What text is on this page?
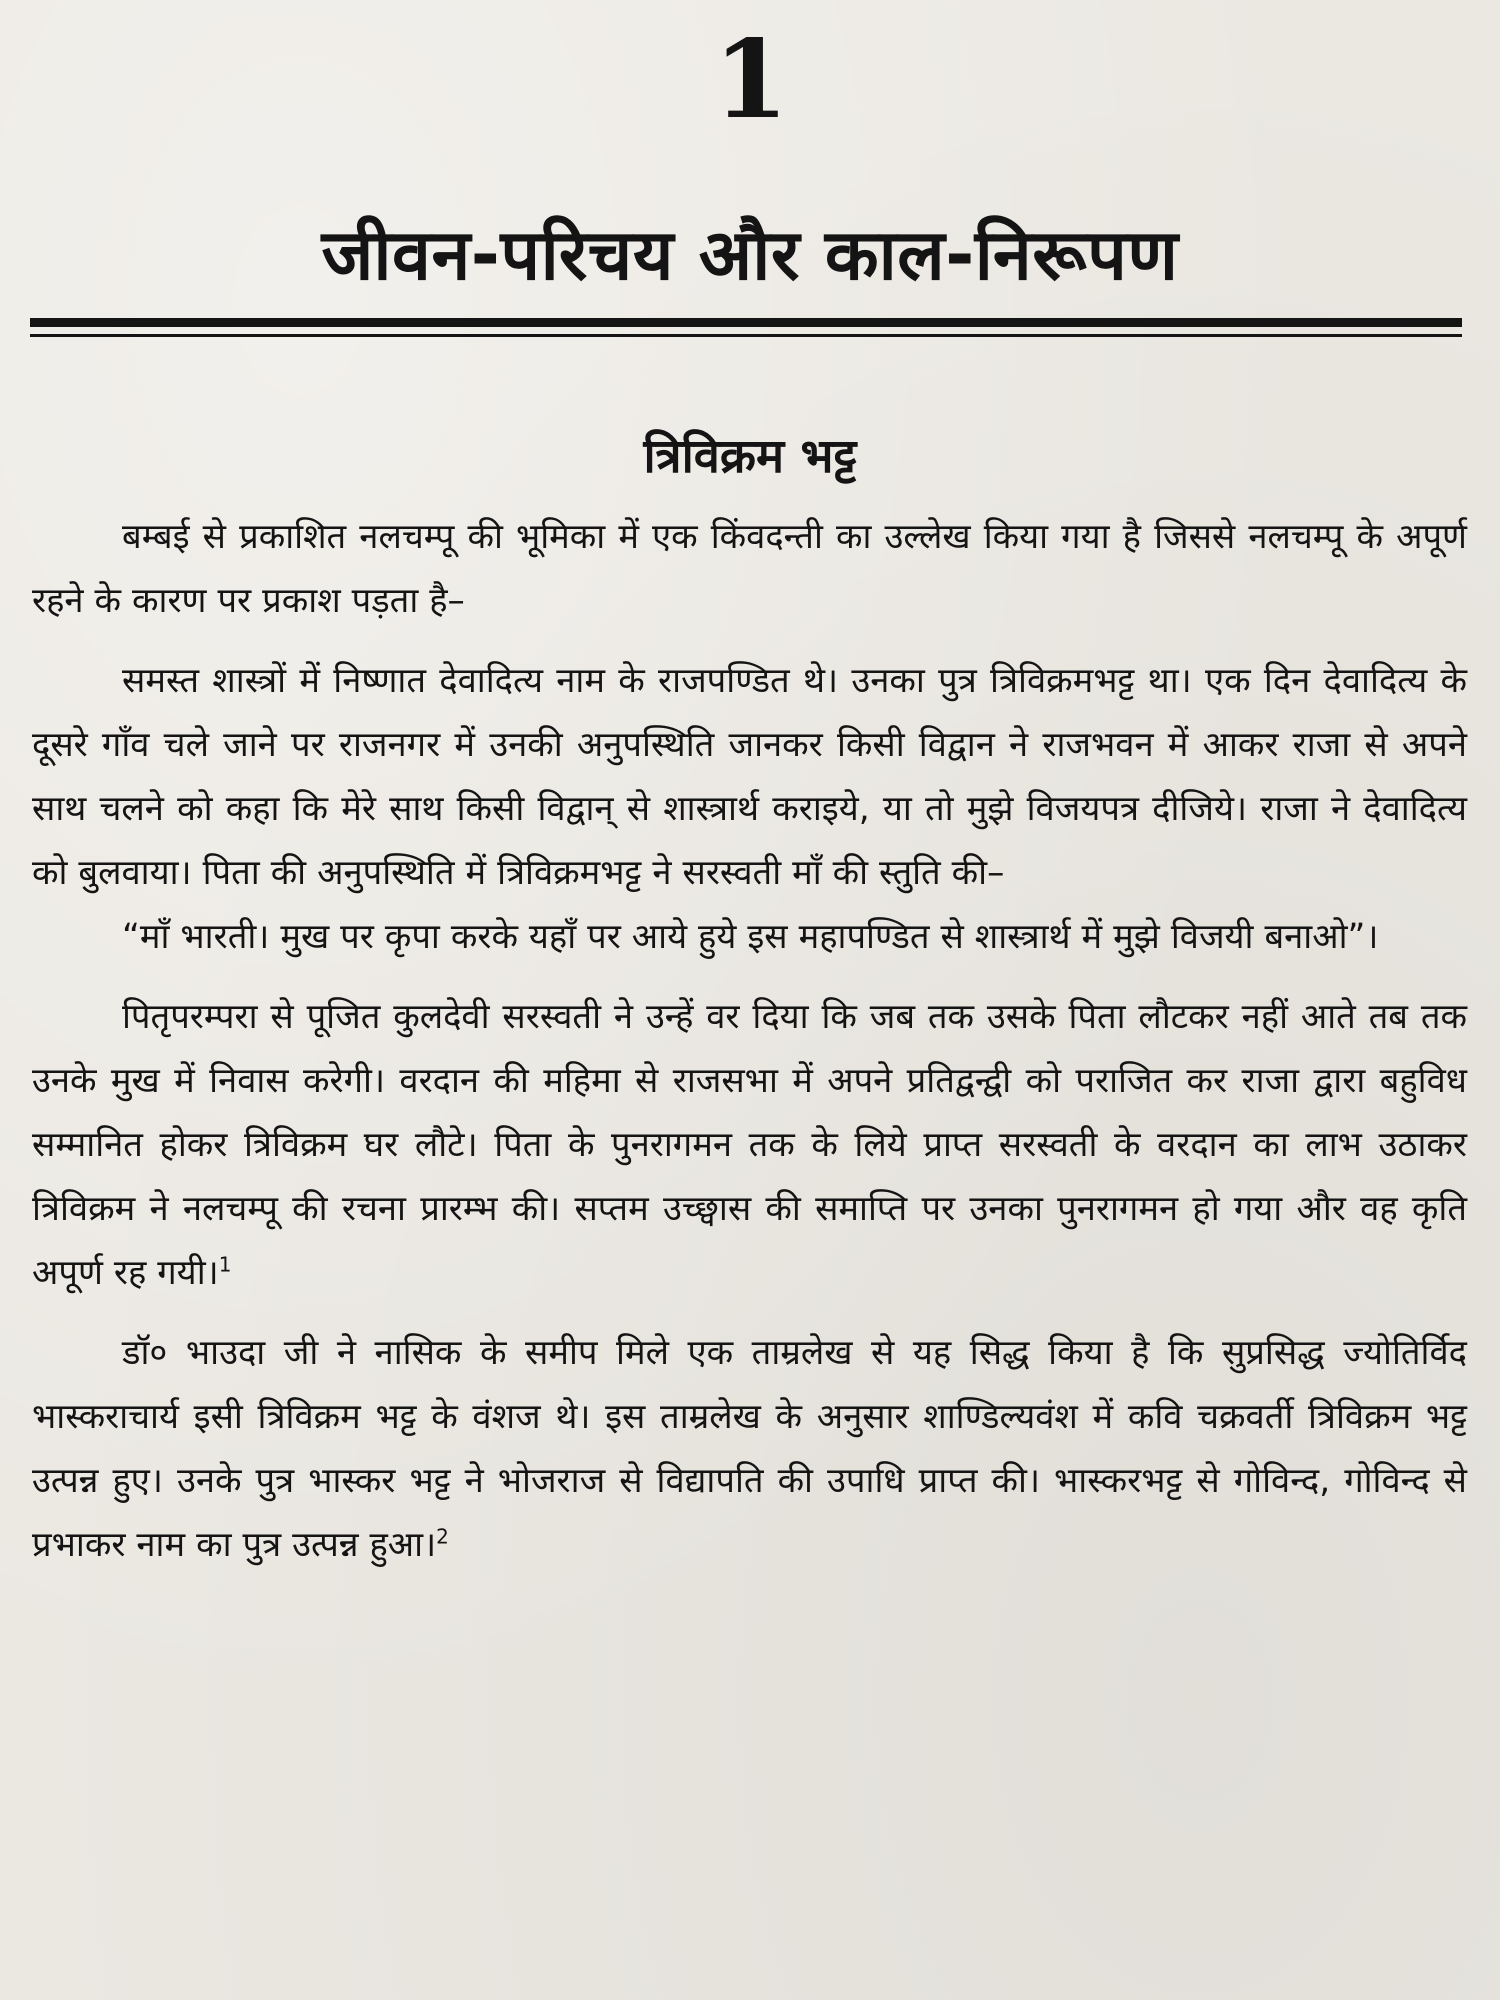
1
जीवन-परिचय और काल-निरूपण
त्रिविक्रम भट्ट

बम्बई से प्रकाशित नलचम्पू की भूमिका में एक किंवदन्ती का उल्लेख किया गया है जिससे नलचम्पू के अपूर्ण रहने के कारण पर प्रकाश पड़ता है–

समस्त शास्त्रों में निष्णात देवादित्य नाम के राजपण्डित थे। उनका पुत्र त्रिविक्रमभट्ट था। एक दिन देवादित्य के दूसरे गाँव चले जाने पर राजनगर में उनकी अनुपस्थिति जानकर किसी विद्वान ने राजभवन में आकर राजा से अपने साथ चलने को कहा कि मेरे साथ किसी विद्वान् से शास्त्रार्थ कराइये, या तो मुझे विजयपत्र दीजिये। राजा ने देवादित्य को बुलवाया। पिता की अनुपस्थिति में त्रिविक्रमभट्ट ने सरस्वती माँ की स्तुति की–

“माँ भारती। मुख पर कृपा करके यहाँ पर आये हुये इस महापण्डित से शास्त्रार्थ में मुझे विजयी बनाओ”।

पितृपरम्परा से पूजित कुलदेवी सरस्वती ने उन्हें वर दिया कि जब तक उसके पिता लौटकर नहीं आते तब तक उनके मुख में निवास करेगी। वरदान की महिमा से राजसभा में अपने प्रतिद्वन्द्वी को पराजित कर राजा द्वारा बहुविध सम्मानित होकर त्रिविक्रम घर लौटे। पिता के पुनरागमन तक के लिये प्राप्त सरस्वती के वरदान का लाभ उठाकर त्रिविक्रम ने नलचम्पू की रचना प्रारम्भ की। सप्तम उच्छ्वास की समाप्ति पर उनका पुनरागमन हो गया और वह कृति अपूर्ण रह गयी।$^1$

डॉ० भाउदा जी ने नासिक के समीप मिले एक ताम्रलेख से यह सिद्ध किया है कि सुप्रसिद्ध ज्योतिर्विद भास्कराचार्य इसी त्रिविक्रम भट्ट के वंशज थे। इस ताम्रलेख के अनुसार शाण्डिल्यवंश में कवि चक्रवर्ती त्रिविक्रम भट्ट उत्पन्न हुए। उनके पुत्र भास्कर भट्ट ने भोजराज से विद्यापति की उपाधि प्राप्त की। भास्करभट्ट से गोविन्द, गोविन्द से प्रभाकर नाम का पुत्र उत्पन्न हुआ।$^2$
